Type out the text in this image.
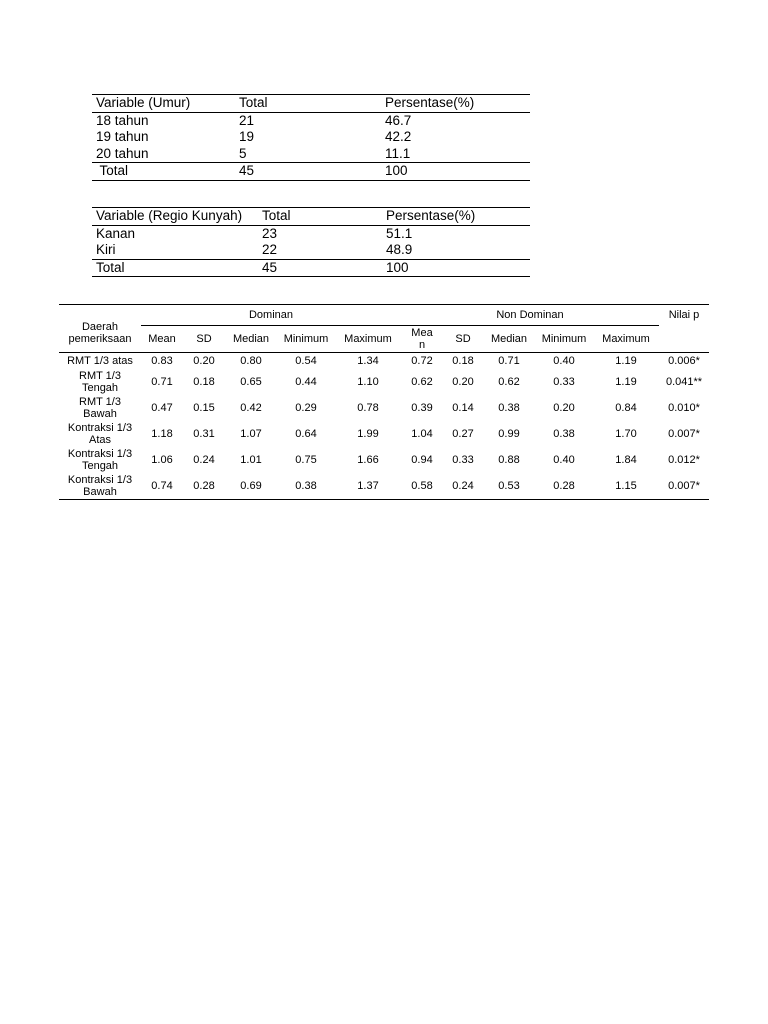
Variable (Umur)	Total	Persentase(%)
18 tahun	21	46.7
19 tahun	19	42.2
20 tahun	5	11.1
Total	45	100
Variable (Regio Kunyah)	Total	Persentase(%)
Kanan	23	51.1
Kiri	22	48.9
Total	45	100
Daerah pemeriksaan	Dominan					Non Dominan					Nilai p
	Mean	SD	Median	Minimum	Maximum	Mea n	SD	Median	Minimum	Maximum	
RMT 1/3 atas	0.83	0.20	0.80	0.54	1.34	0.72	0.18	0.71	0.40	1.19	0.006*
RMT 1/3 Tengah	0.71	0.18	0.65	0.44	1.10	0.62	0.20	0.62	0.33	1.19	0.041**
RMT 1/3 Bawah	0.47	0.15	0.42	0.29	0.78	0.39	0.14	0.38	0.20	0.84	0.010*
Kontraksi 1/3 Atas	1.18	0.31	1.07	0.64	1.99	1.04	0.27	0.99	0.38	1.70	0.007*
Kontraksi 1/3 Tengah	1.06	0.24	1.01	0.75	1.66	0.94	0.33	0.88	0.40	1.84	0.012*
Kontraksi 1/3 Bawah	0.74	0.28	0.69	0.38	1.37	0.58	0.24	0.53	0.28	1.15	0.007*
